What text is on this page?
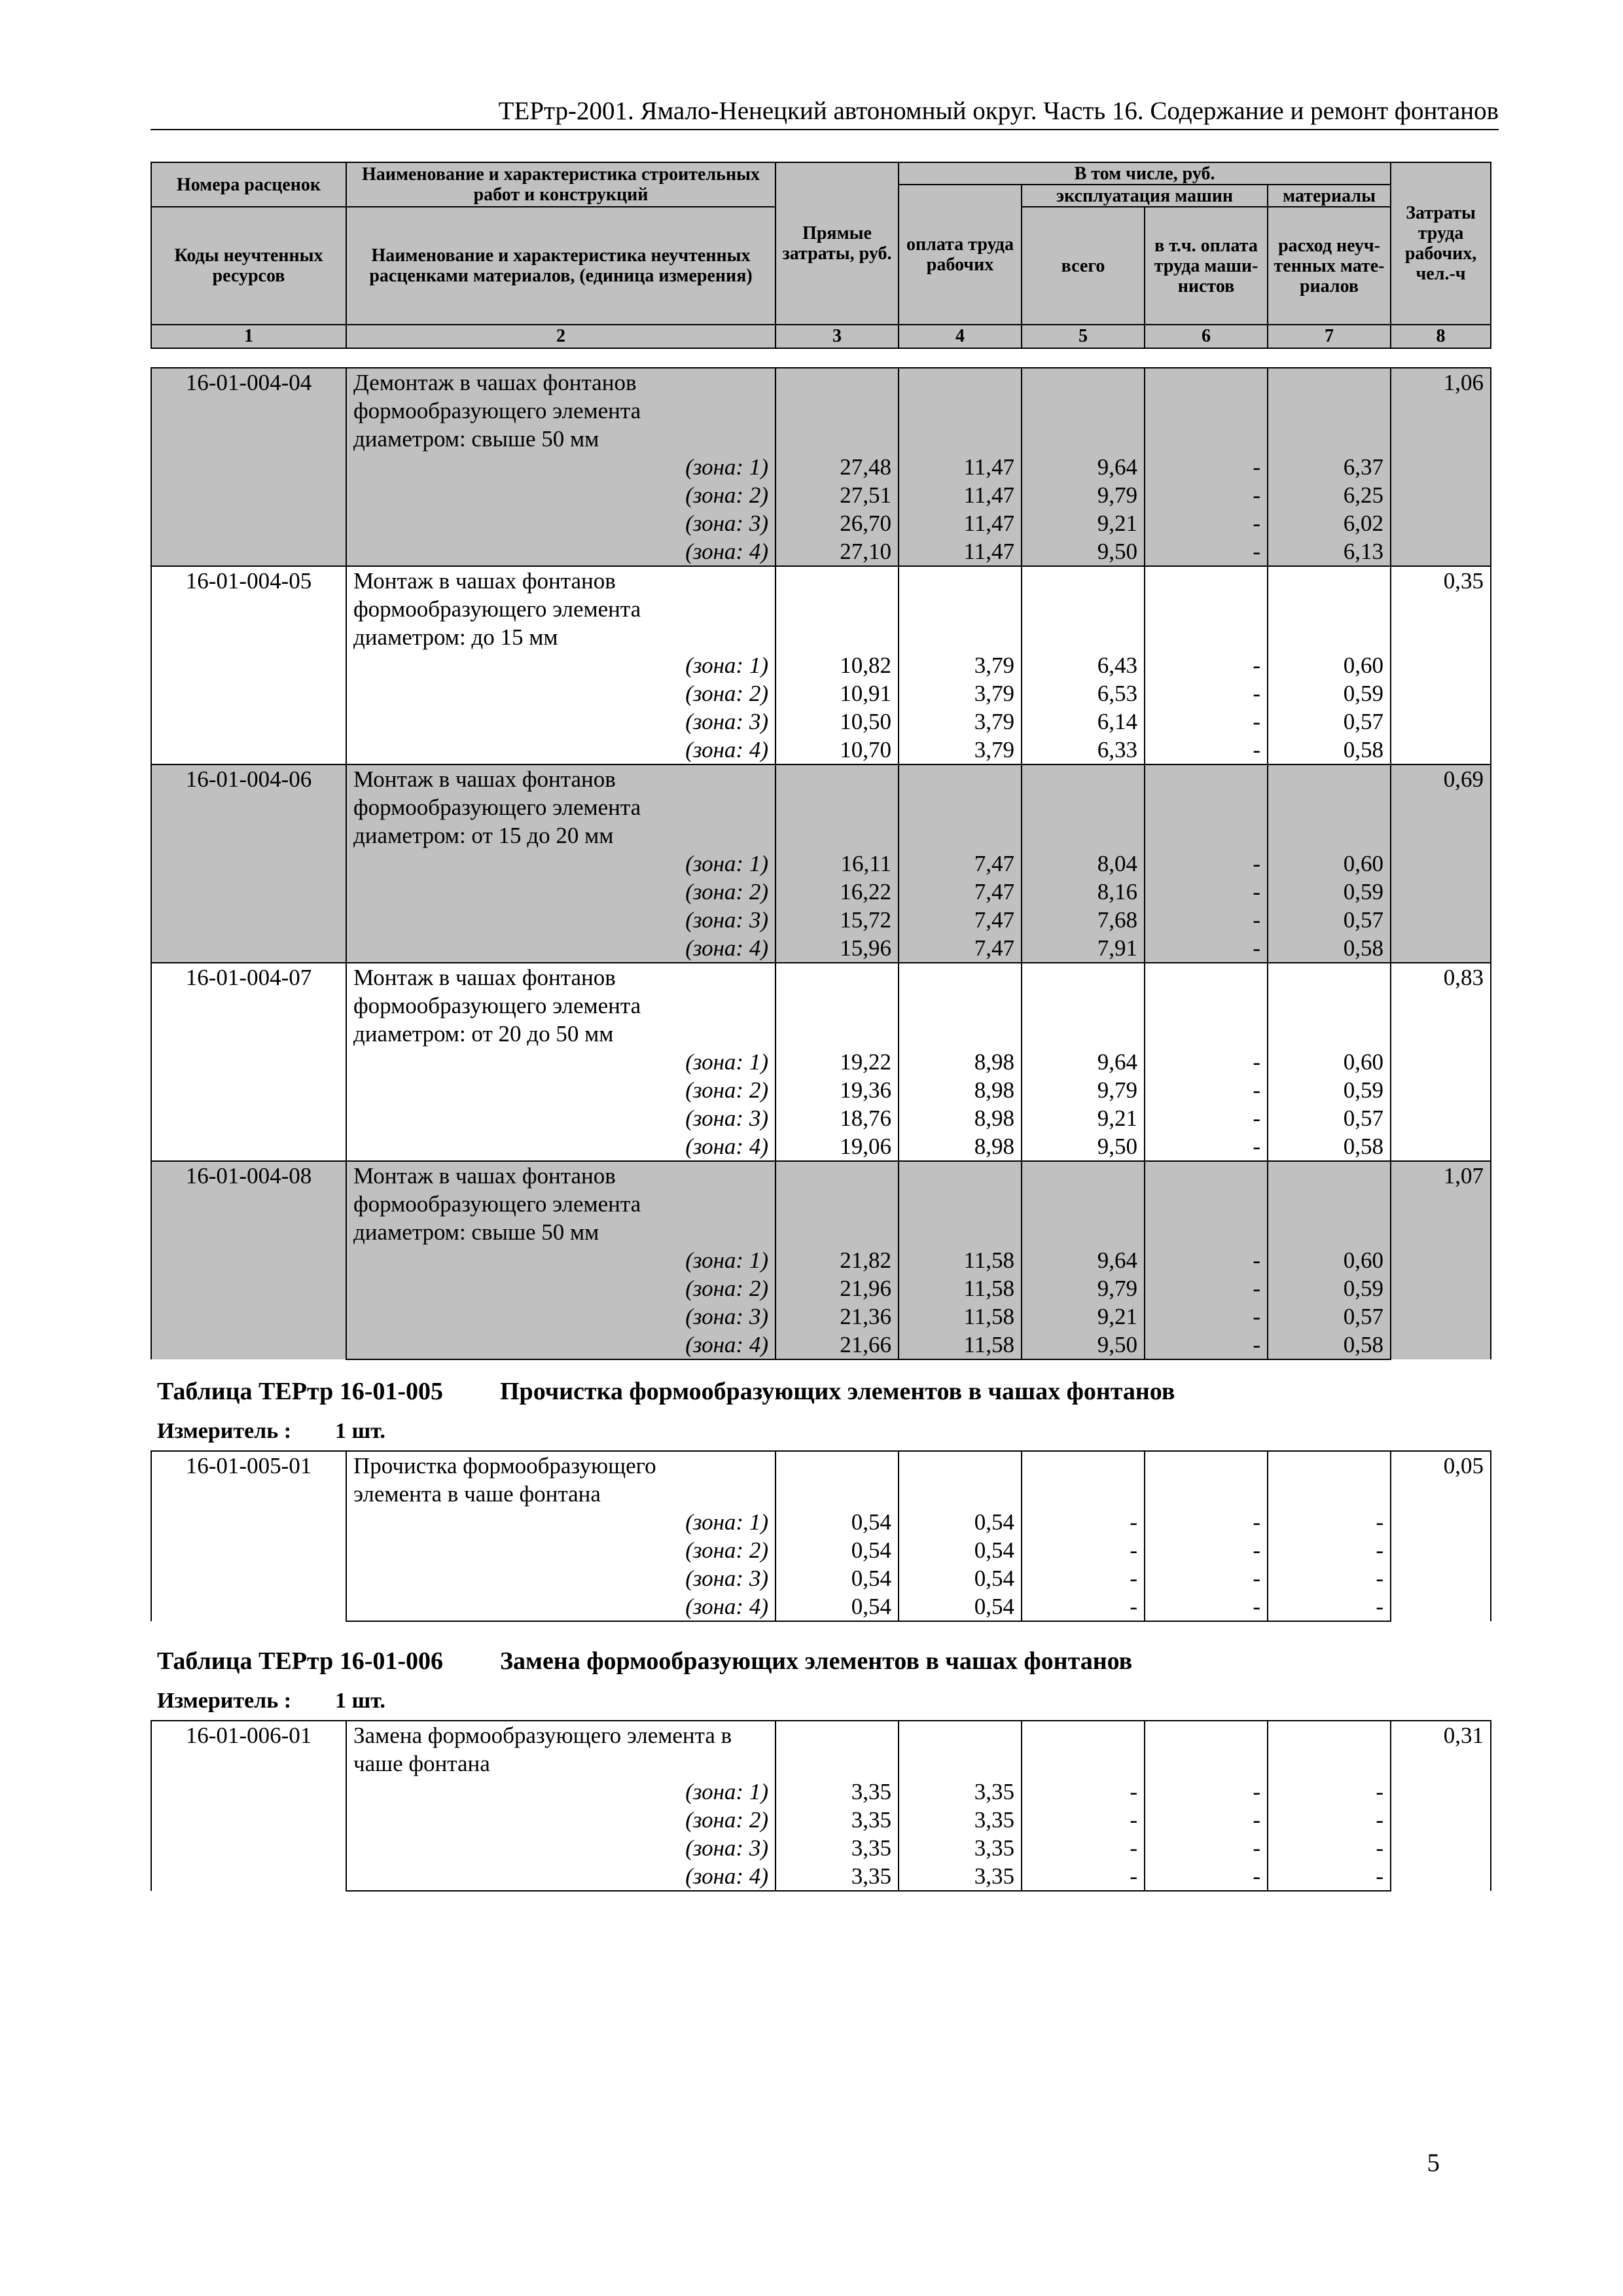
ТЕРтр-2001. Ямало-Ненецкий автономный округ. Часть 16. Содержание и ремонт фонтанов
Номера расценок	Наименование и характеристика строительных работ и конструкций	Прямые затраты, руб.	В том числе, руб.				Затраты труда рабочих, чел.-ч
			оплата труда рабочих	эксплуатация машин		материалы	
Коды неучтенных ресурсов	Наименование и характеристика неучтенных расценками материалов, (единица измерения)			всего	в т.ч. оплата труда маши-нистов	расход неуч-тенных мате-риалов	

1	2	3	4	5	6	7	8
16-01-004-04	Демонтаж в чашах фонтанов						1,06
	формообразующего элемента						
	диаметром: свыше 50 мм						
	(зона: 1)	27,48	11,47	9,64	-	6,37	
	(зона: 2)	27,51	11,47	9,79	-	6,25	
	(зона: 3)	26,70	11,47	9,21	-	6,02	
	(зона: 4)	27,10	11,47	9,50	-	6,13	
16-01-004-05	Монтаж в чашах фонтанов						0,35
	формообразующего элемента						
	диаметром: до 15 мм						
	(зона: 1)	10,82	3,79	6,43	-	0,60	
	(зона: 2)	10,91	3,79	6,53	-	0,59	
	(зона: 3)	10,50	3,79	6,14	-	0,57	
	(зона: 4)	10,70	3,79	6,33	-	0,58	
16-01-004-06	Монтаж в чашах фонтанов						0,69
	формообразующего элемента						
	диаметром: от 15 до 20 мм						
	(зона: 1)	16,11	7,47	8,04	-	0,60	
	(зона: 2)	16,22	7,47	8,16	-	0,59	
	(зона: 3)	15,72	7,47	7,68	-	0,57	
	(зона: 4)	15,96	7,47	7,91	-	0,58	
16-01-004-07	Монтаж в чашах фонтанов						0,83
	формообразующего элемента						
	диаметром: от 20 до 50 мм						
	(зона: 1)	19,22	8,98	9,64	-	0,60	
	(зона: 2)	19,36	8,98	9,79	-	0,59	
	(зона: 3)	18,76	8,98	9,21	-	0,57	
	(зона: 4)	19,06	8,98	9,50	-	0,58	
16-01-004-08	Монтаж в чашах фонтанов						1,07
	формообразующего элемента						
	диаметром: свыше 50 мм						
	(зона: 1)	21,82	11,58	9,64	-	0,60	
	(зона: 2)	21,96	11,58	9,79	-	0,59	
	(зона: 3)	21,36	11,58	9,21	-	0,57	
	(зона: 4)	21,66	11,58	9,50	-	0,58	
Таблица ТЕРтр 16-01-005 Прочистка формообразующих элементов в чашах фонтанов
Измеритель : 1 шт.
16-01-005-01	Прочистка формообразующего						0,05
	элемента в чаше фонтана						
	(зона: 1)	0,54	0,54	-	-	-	
	(зона: 2)	0,54	0,54	-	-	-	
	(зона: 3)	0,54	0,54	-	-	-	
	(зона: 4)	0,54	0,54	-	-	-	
Таблица ТЕРтр 16-01-006 Замена формообразующих элементов в чашах фонтанов
Измеритель : 1 шт.
16-01-006-01	Замена формообразующего элемента в						0,31
	чаше фонтана						
	(зона: 1)	3,35	3,35	-	-	-	
	(зона: 2)	3,35	3,35	-	-	-	
	(зона: 3)	3,35	3,35	-	-	-	
	(зона: 4)	3,35	3,35	-	-	-	
5
